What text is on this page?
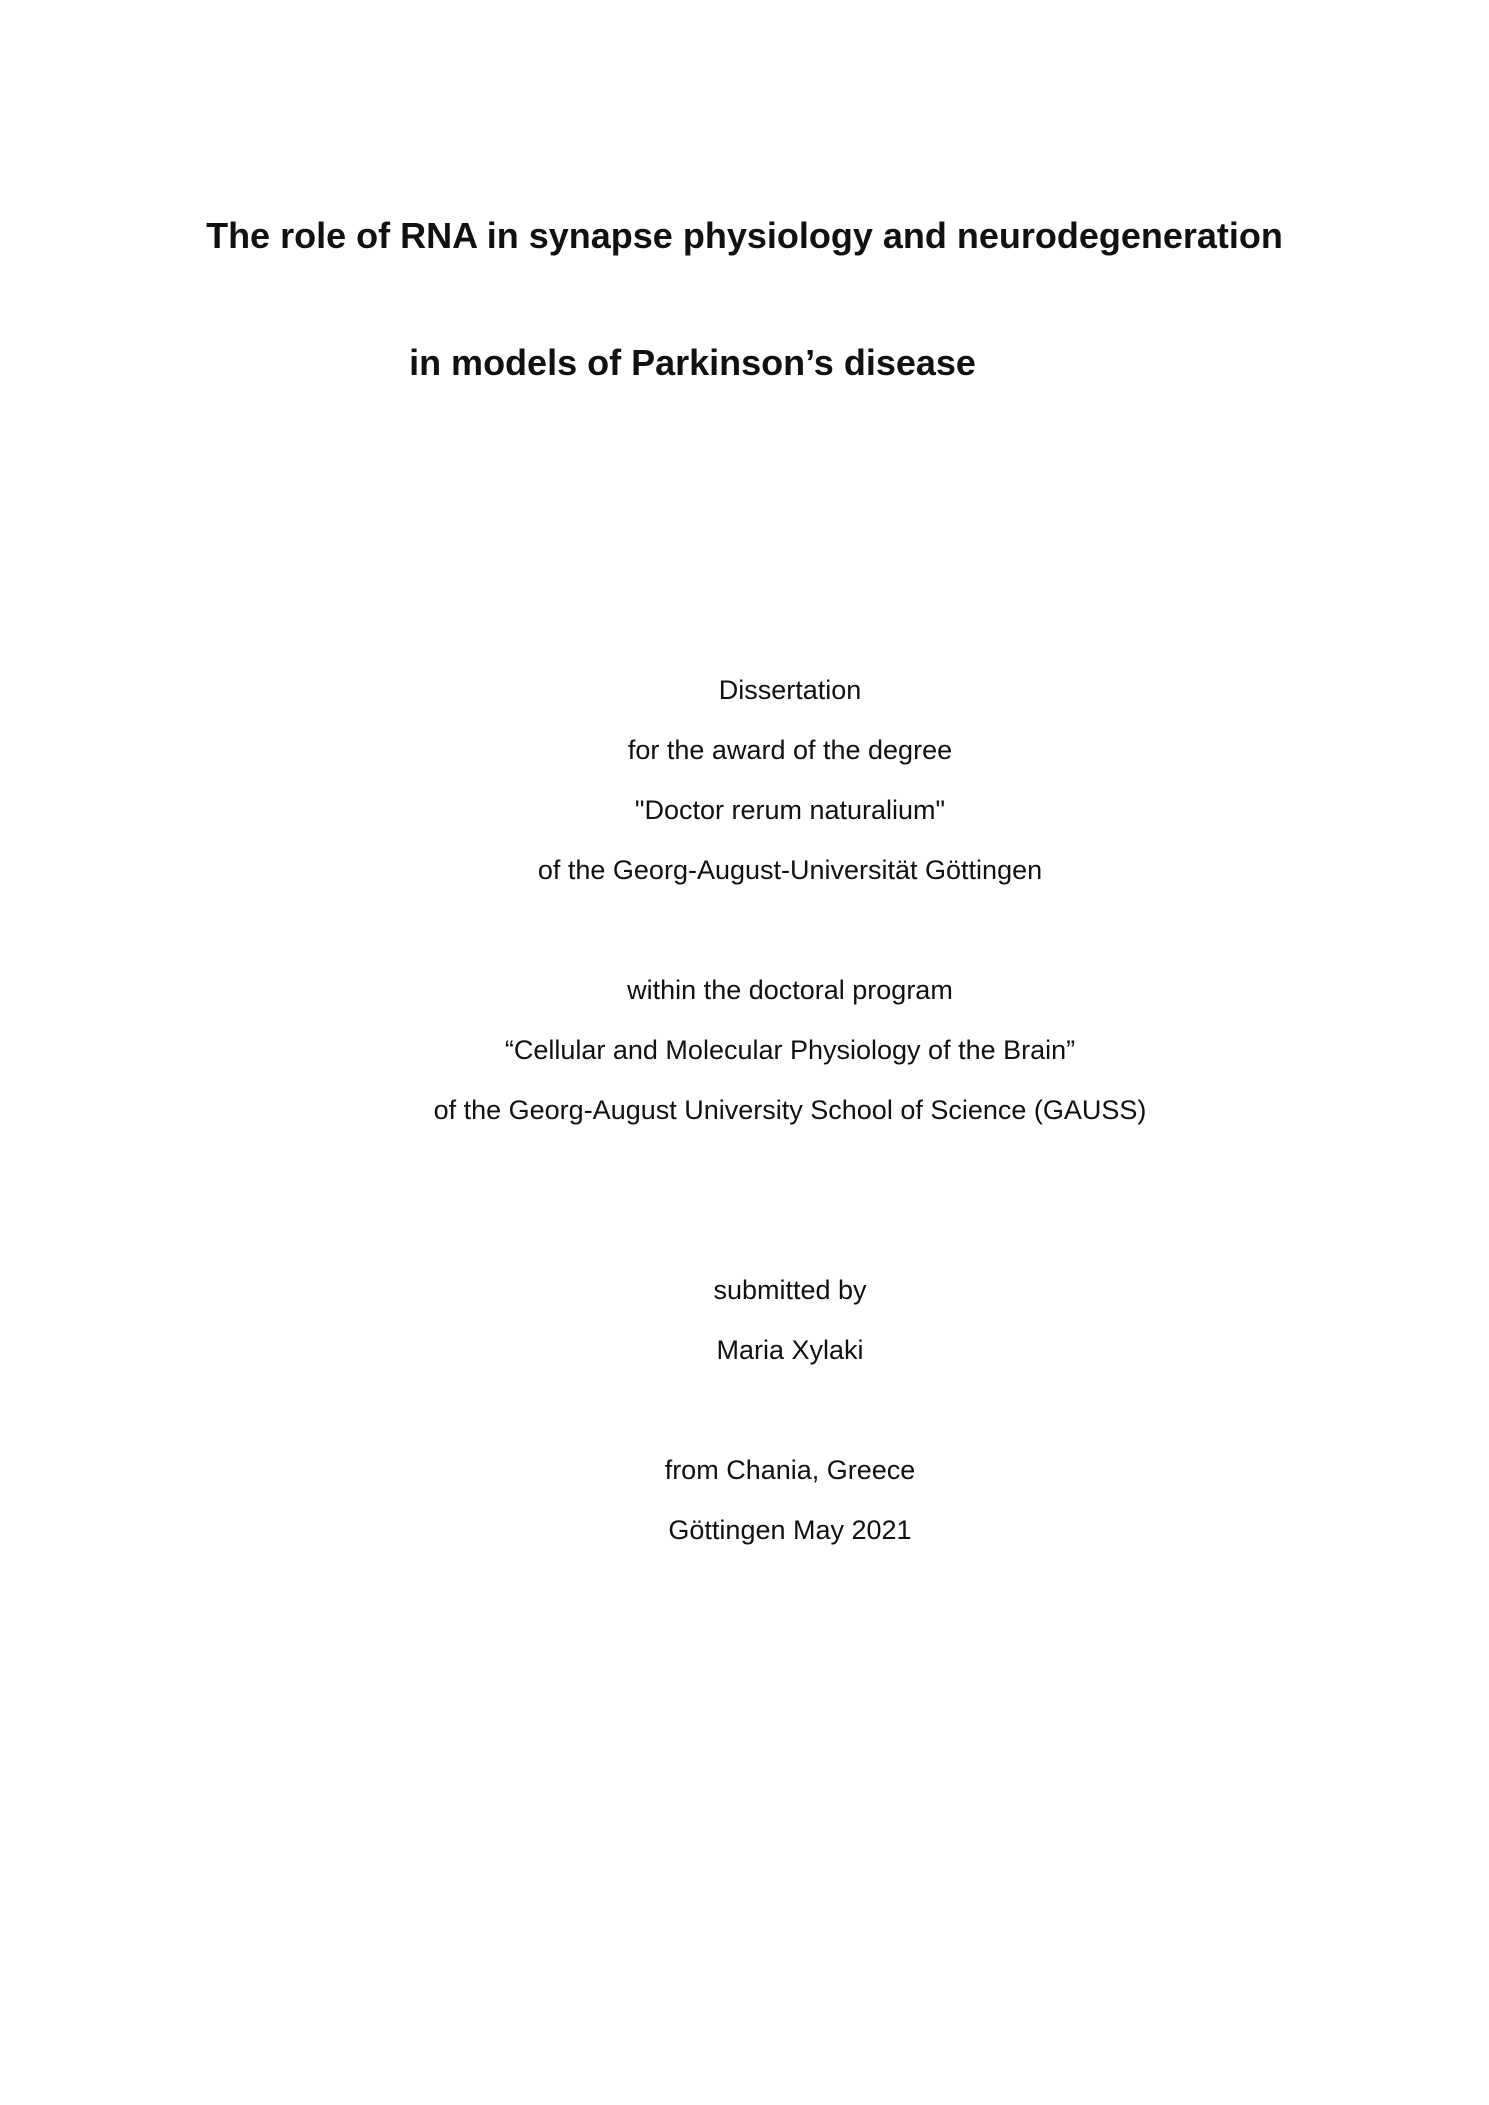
The role of RNA in synapse physiology and neurodegeneration
in models of Parkinson’s disease
Dissertation
for the award of the degree
"Doctor rerum naturalium"
of the Georg-August-Universität Göttingen
within the doctoral program
“Cellular and Molecular Physiology of the Brain”
of the Georg-August University School of Science (GAUSS)
submitted by
Maria Xylaki
from Chania, Greece
Göttingen May 2021
